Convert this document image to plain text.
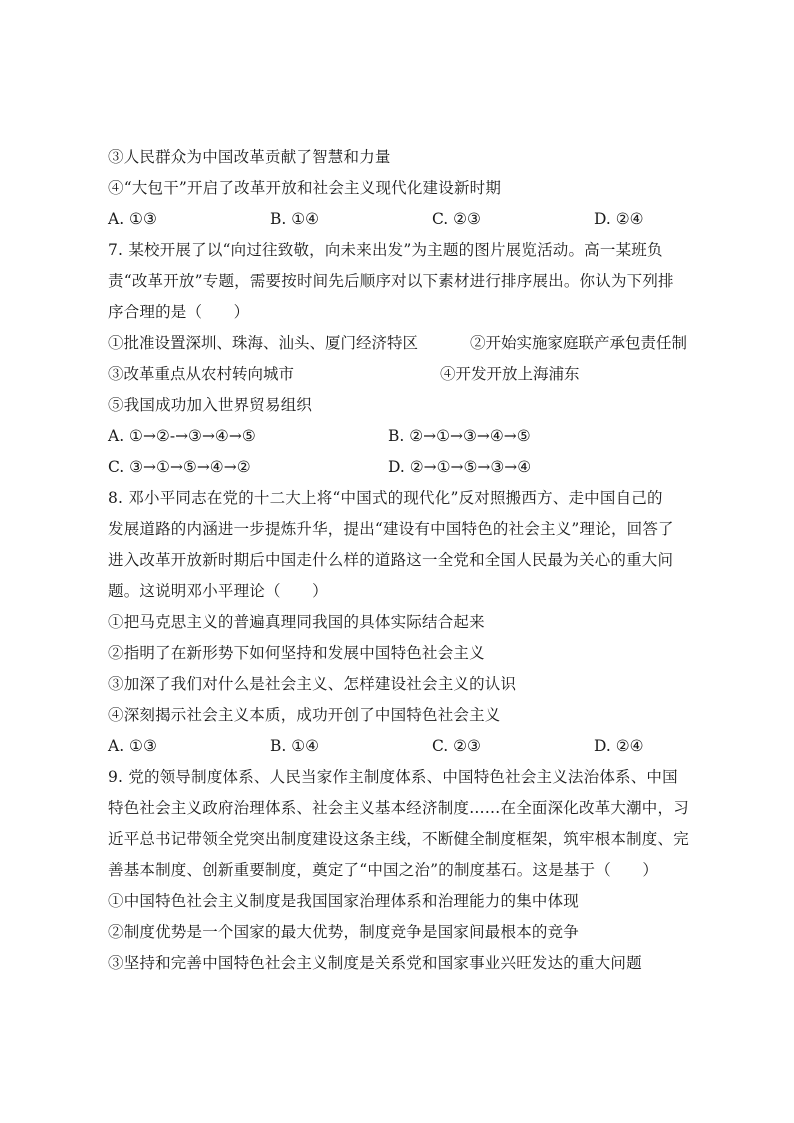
③人民群众为中国改革贡献了智慧和力量
④“大包干”开启了改革开放和社会主义现代化建设新时期
A. ①③	B. ①④	C. ②③	D. ②④
7. 某校开展了以“向过往致敬，向未来出发”为主题的图片展览活动。高一某班负
责“改革开放”专题，需要按时间先后顺序对以下素材进行排序展出。你认为下列排
序合理的是（　　）
①批准设置深圳、珠海、汕头、厦门经济特区	②开始实施家庭联产承包责任制
③改革重点从农村转向城市	④开发开放上海浦东
⑤我国成功加入世界贸易组织
A. ①→②-→③→④→⑤	B. ②→①→③→④→⑤
C. ③→①→⑤→④→②	D. ②→①→⑤→③→④
8. 邓小平同志在党的十二大上将“中国式的现代化”反对照搬西方、走中国自己的
发展道路的内涵进一步提炼升华，提出“建设有中国特色的社会主义”理论，回答了
进入改革开放新时期后中国走什么样的道路这一全党和全国人民最为关心的重大问
题。这说明邓小平理论（　　）
①把马克思主义的普遍真理同我国的具体实际结合起来
②指明了在新形势下如何坚持和发展中国特色社会主义
③加深了我们对什么是社会主义、怎样建设社会主义的认识
④深刻揭示社会主义本质，成功开创了中国特色社会主义
A. ①③	B. ①④	C. ②③	D. ②④
9. 党的领导制度体系、人民当家作主制度体系、中国特色社会主义法治体系、中国
特色社会主义政府治理体系、社会主义基本经济制度……在全面深化改革大潮中，习
近平总书记带领全党突出制度建设这条主线，不断健全制度框架，筑牢根本制度、完
善基本制度、创新重要制度，奠定了“中国之治”的制度基石。这是基于（　　）
①中国特色社会主义制度是我国国家治理体系和治理能力的集中体现
②制度优势是一个国家的最大优势，制度竞争是国家间最根本的竞争
③坚持和完善中国特色社会主义制度是关系党和国家事业兴旺发达的重大问题
